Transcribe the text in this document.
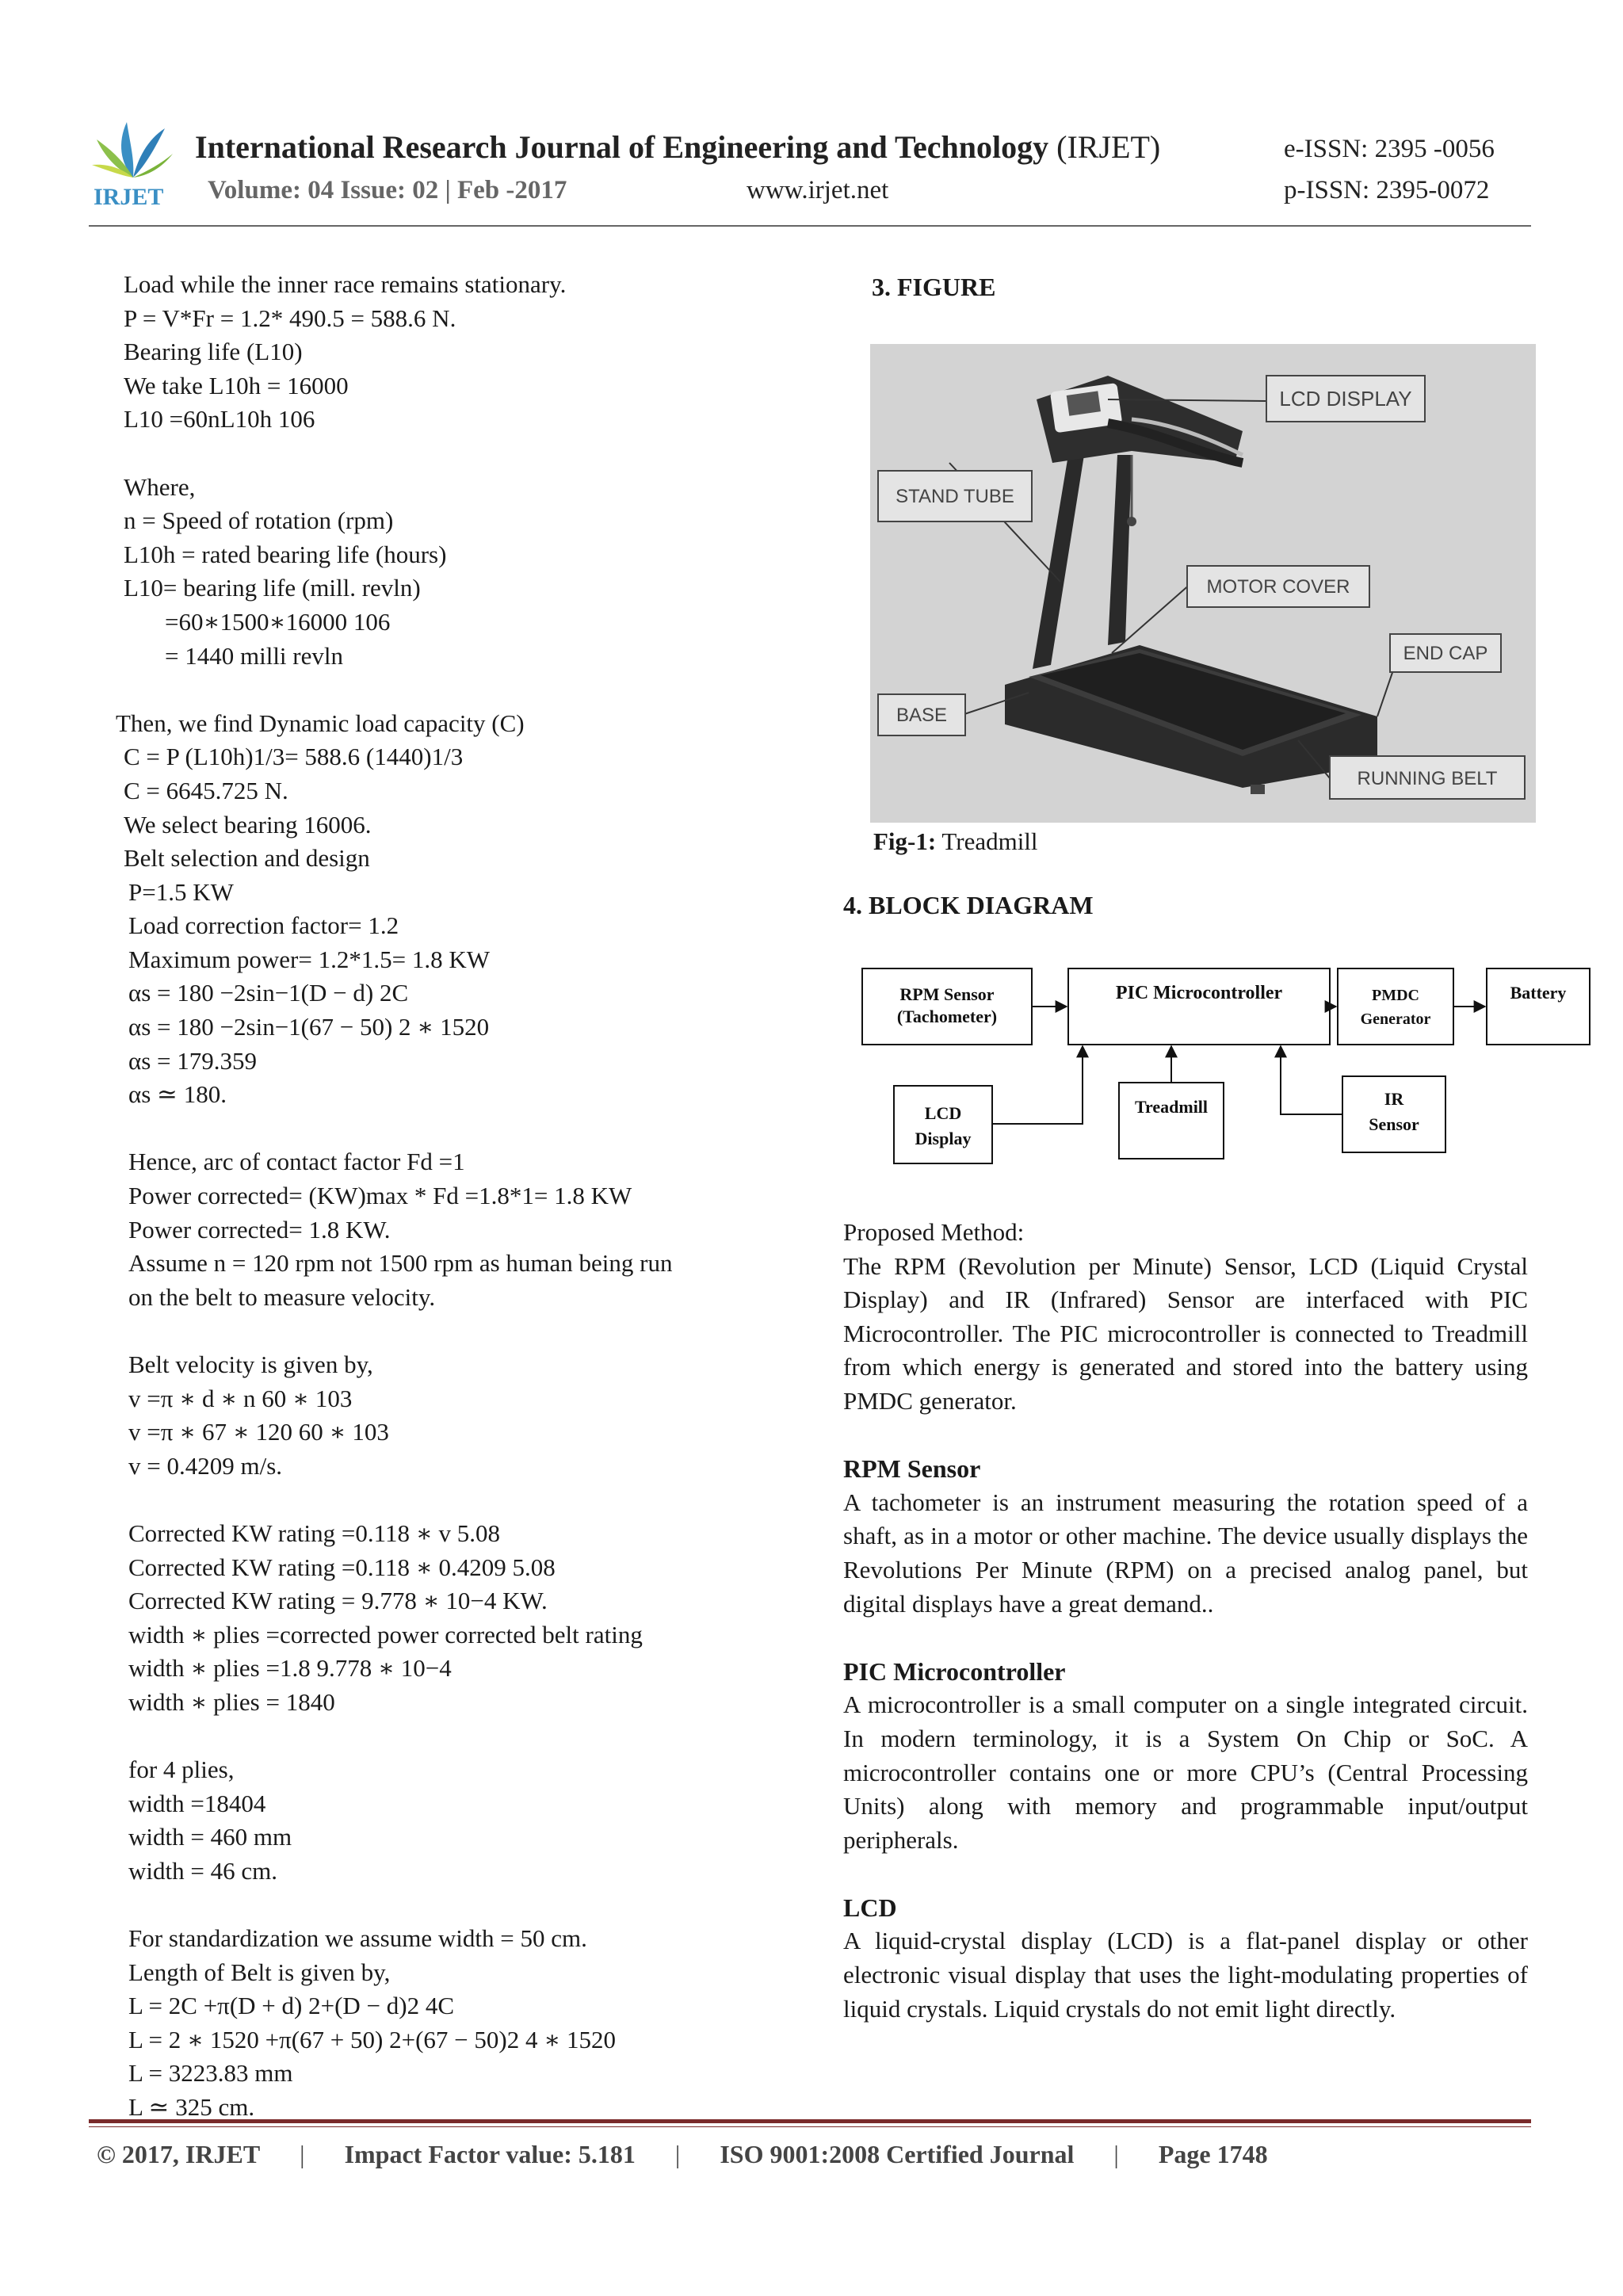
IRJET
International Research Journal of Engineering and Technology (IRJET)	e-ISSN: 2395 -0056
Volume: 04 Issue: 02 | Feb -2017	www.irjet.net	p-ISSN: 2395-0072
Load while the inner race remains stationary.
P = V*Fr = 1.2* 490.5 = 588.6 N.
Bearing life (L10)
We take L10h = 16000
L10 =60nL10h 106
Where,
n = Speed of rotation (rpm)
L10h = rated bearing life (hours)
L10= bearing life (mill. revln)
=60∗1500∗16000 106
= 1440 milli revln
Then, we find Dynamic load capacity (C)
C = P (L10h)1/3= 588.6 (1440)1/3
C = 6645.725 N.
We select bearing 16006.
Belt selection and design
P=1.5 KW
Load correction factor= 1.2
Maximum power= 1.2*1.5= 1.8 KW
αs = 180 −2sin−1(D − d) 2C
αs = 180 −2sin−1(67 − 50) 2 ∗ 1520
αs = 179.359
αs ≃ 180.
Hence, arc of contact factor Fd =1
Power corrected= (KW)max * Fd =1.8*1= 1.8 KW
Power corrected= 1.8 KW.
Assume n = 120 rpm not 1500 rpm as human being run
on the belt to measure velocity.
Belt velocity is given by,
v =π ∗ d ∗ n 60 ∗ 103
v =π ∗ 67 ∗ 120 60 ∗ 103
v = 0.4209 m/s.
Corrected KW rating =0.118 ∗ v 5.08
Corrected KW rating =0.118 ∗ 0.4209 5.08
Corrected KW rating = 9.778 ∗ 10−4 KW.
width ∗ plies =corrected power corrected belt rating
width ∗ plies =1.8 9.778 ∗ 10−4
width ∗ plies = 1840
for 4 plies,
width =18404
width = 460 mm
width = 46 cm.
For standardization we assume width = 50 cm.
Length of Belt is given by,
L = 2C +π(D + d) 2+(D − d)2 4C
L = 2 ∗ 1520 +π(67 + 50) 2+(67 − 50)2 4 ∗ 1520
L = 3223.83 mm
L ≃ 325 cm.
3. FIGURE
LCD DISPLAY
STAND TUBE
MOTOR COVER
END CAP
BASE
RUNNING BELT
Fig-1: Treadmill
4. BLOCK DIAGRAM
RPM Sensor
(Tachometer)
PIC Microcontroller	PMDC
Generator
Battery
LCD
Display
Treadmill	IR
Sensor
Proposed Method:
The RPM (Revolution per Minute) Sensor, LCD (Liquid Crystal Display) and IR (Infrared) Sensor are interfaced with PIC Microcontroller. The PIC microcontroller is connected to Treadmill from which energy is generated and stored into the battery using PMDC generator.
RPM Sensor
A tachometer is an instrument measuring the rotation speed of a shaft, as in a motor or other machine. The device usually displays the Revolutions Per Minute (RPM) on a precised analog panel, but digital displays have a great demand..
PIC Microcontroller
A microcontroller is a small computer on a single integrated circuit. In modern terminology, it is a System On Chip or SoC. A microcontroller contains one or more CPU’s (Central Processing Units) along with memory and programmable input/output peripherals.
LCD
A liquid-crystal display (LCD) is a flat-panel display or other electronic visual display that uses the light-modulating properties of liquid crystals. Liquid crystals do not emit light directly.
© 2017, IRJET | Impact Factor value: 5.181 | ISO 9001:2008 Certified Journal | Page 1748
